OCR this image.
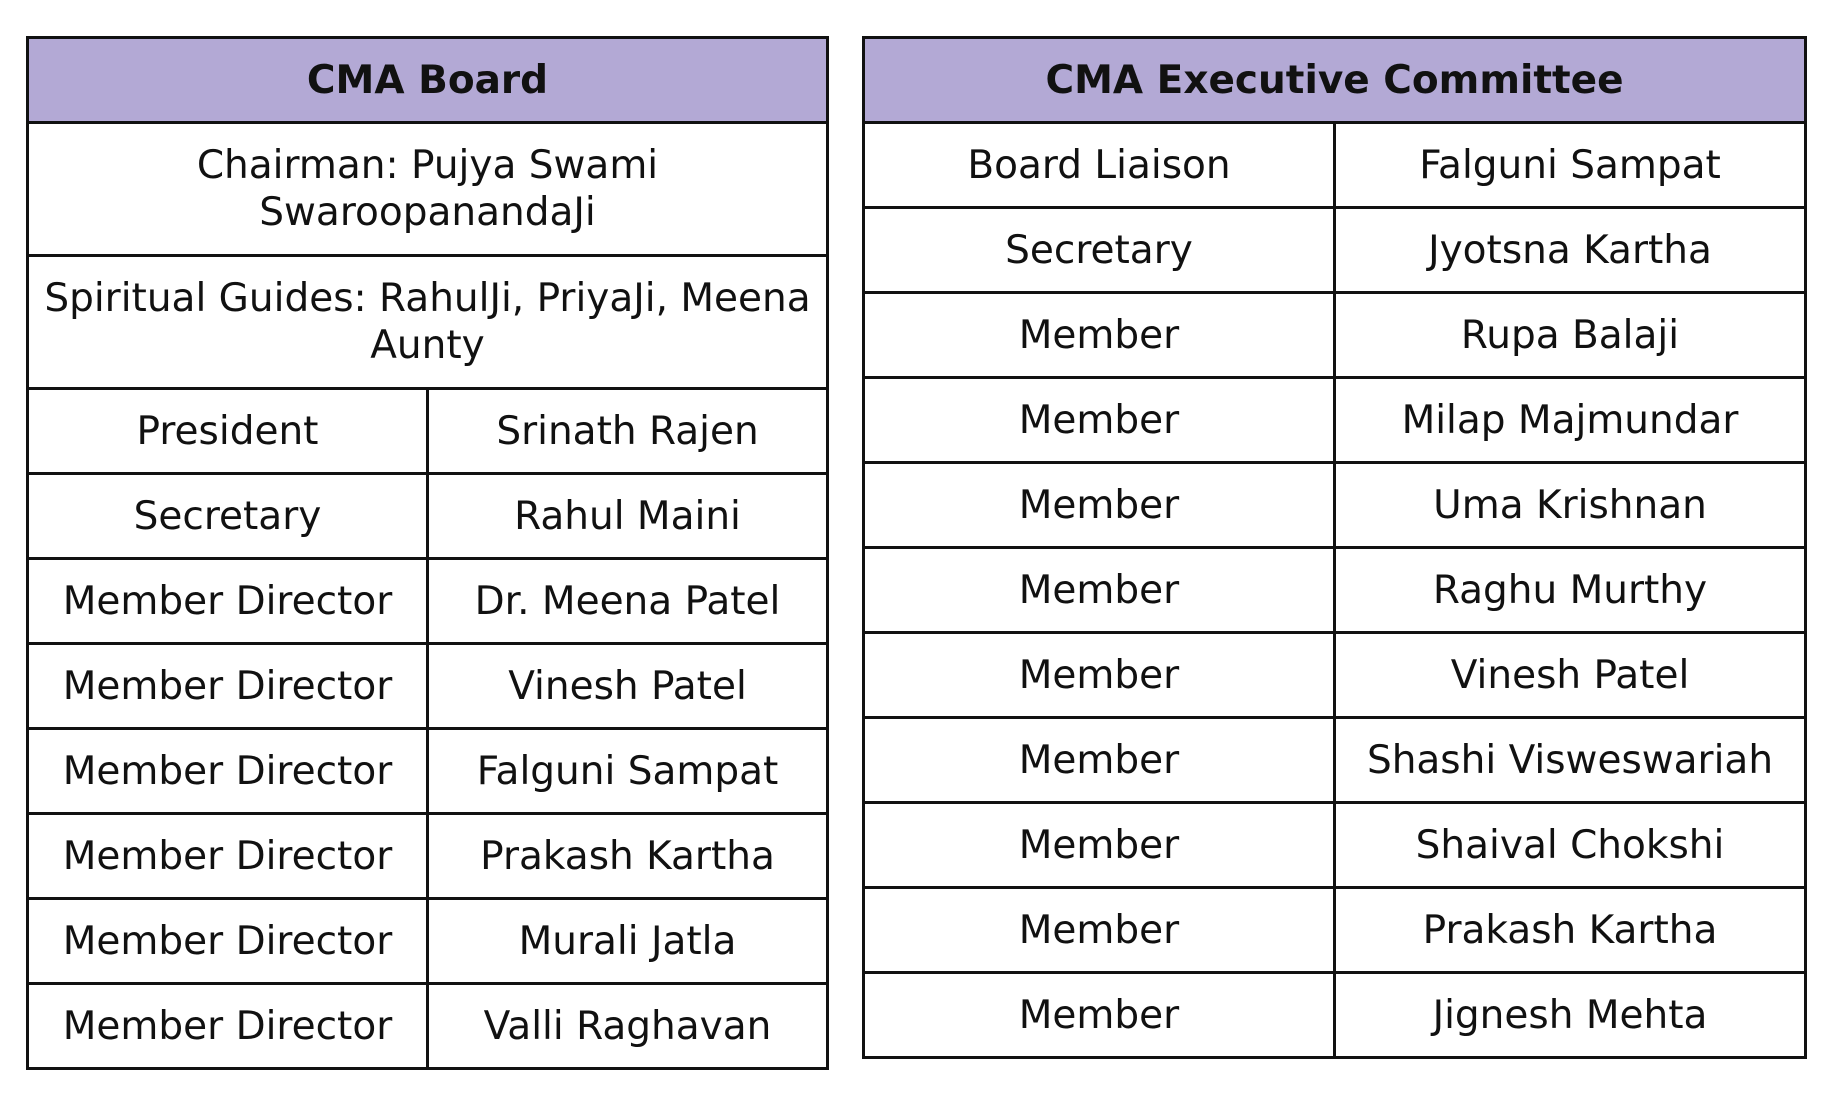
CMA Board	
Chairman: Pujya Swami SwaroopanandaJi	
Spiritual Guides: RahulJi, PriyaJi, Meena Aunty	
President	Srinath Rajen
Secretary	Rahul Maini
Member Director	Dr. Meena Patel
Member Director	Vinesh Patel
Member Director	Falguni Sampat
Member Director	Prakash Kartha
Member Director	Murali Jatla
Member Director	Valli Raghavan
CMA Executive Committee	
Board Liaison	Falguni Sampat
Secretary	Jyotsna Kartha
Member	Rupa Balaji
Member	Milap Majmundar
Member	Uma Krishnan
Member	Raghu Murthy
Member	Vinesh Patel
Member	Shashi Visweswariah
Member	Shaival Chokshi
Member	Prakash Kartha
Member	Jignesh Mehta
